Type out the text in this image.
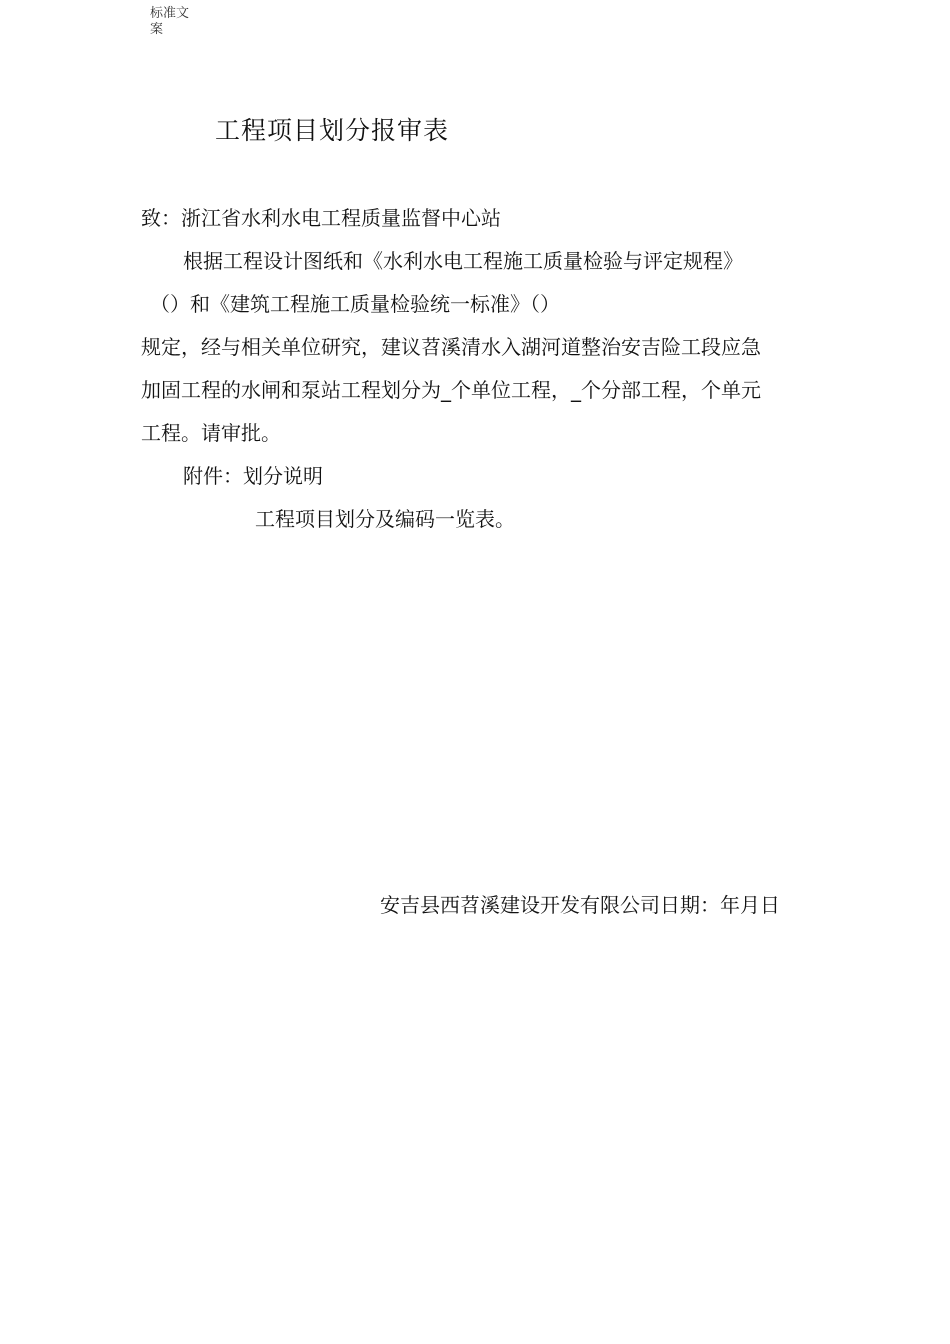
标准文案
工程项目划分报审表
致：浙江省水利水电工程质量监督中心站
根据工程设计图纸和《水利水电工程施工质量检验与评定规程》
（）和《建筑工程施工质量检验统一标准》（）
规定，经与相关单位研究，建议苕溪清水入湖河道整治安吉险工段应急
加固工程的水闸和泵站工程划分为_个单位工程，_个分部工程，个单元
工程。请审批。
附件：划分说明
工程项目划分及编码一览表。
安吉县西苕溪建设开发有限公司日期：年月日
